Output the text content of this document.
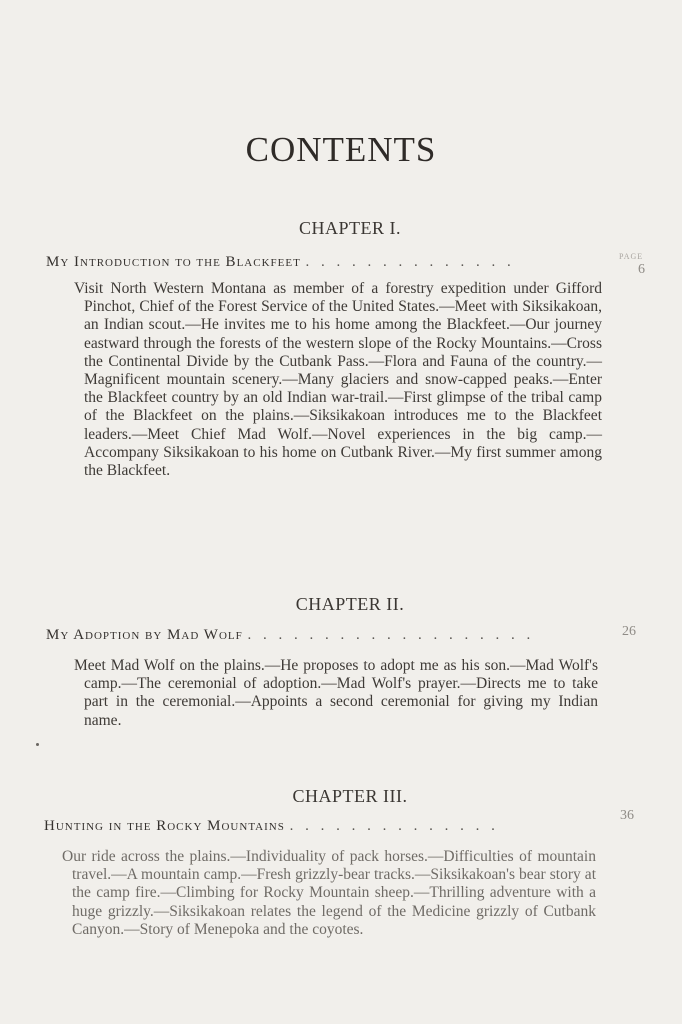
CONTENTS
CHAPTER I.
My Introduction to the Blackfeet . . . . . . . . . . . . . .	PAGE
6
Visit North Western Montana as member of a forestry expedition under Gifford Pinchot, Chief of the Forest Service of the United States.—Meet with Siksikakoan, an Indian scout.—He invites me to his home among the Blackfeet.—Our journey eastward through the forests of the western slope of the Rocky Mountains.—Cross the Continental Divide by the Cutbank Pass.—Flora and Fauna of the country.—Magnificent mountain scenery.—Many glaciers and snow-capped peaks.—Enter the Blackfeet country by an old Indian war-trail.—First glimpse of the tribal camp of the Blackfeet on the plains.—Siksikakoan introduces me to the Blackfeet leaders.—Meet Chief Mad Wolf.—Novel experiences in the big camp.—Accompany Siksikakoan to his home on Cutbank River.—My first summer among the Blackfeet.
CHAPTER II.
My Adoption by Mad Wolf . . . . . . . . . . . . . . . . . . .	26
Meet Mad Wolf on the plains.—He proposes to adopt me as his son.—Mad Wolf's camp.—The ceremonial of adoption.—Mad Wolf's prayer.—Directs me to take part in the ceremonial.—Appoints a second ceremonial for giving my Indian name.
CHAPTER III.
Hunting in the Rocky Mountains . . . . . . . . . . . . . .
36
Our ride across the plains.—Individuality of pack horses.—Difficulties of mountain travel.—A mountain camp.—Fresh grizzly-bear tracks.—Siksikakoan's bear story at the camp fire.—Climbing for Rocky Mountain sheep.—Thrilling adventure with a huge grizzly.—Siksikakoan relates the legend of the Medicine grizzly of Cutbank Canyon.—Story of Menepoka and the coyotes.
